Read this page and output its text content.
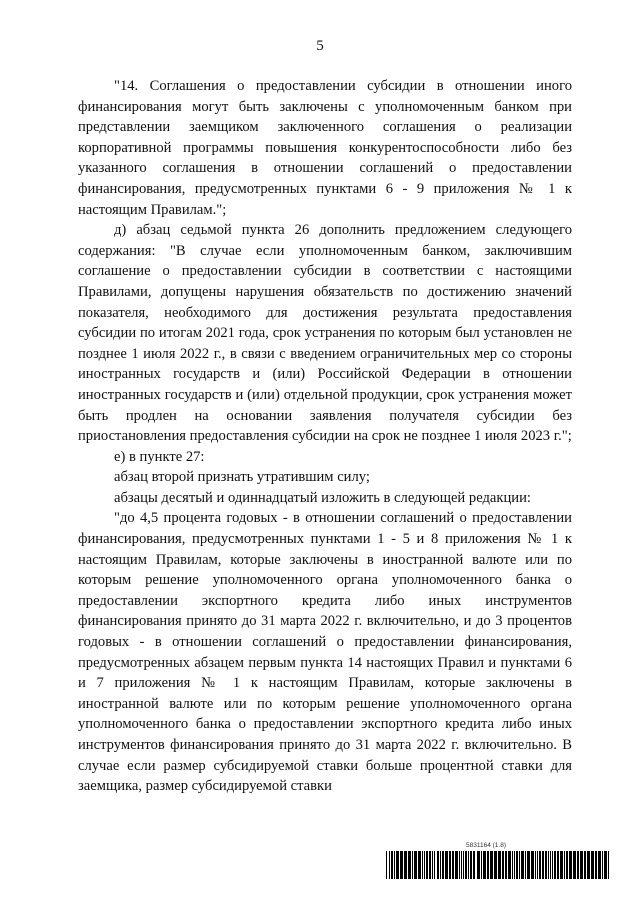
5

"14. Соглашения о предоставлении субсидии в отношении иного финансирования могут быть заключены с уполномоченным банком при представлении заемщиком заключенного соглашения о реализации корпоративной программы повышения конкурентоспособности либо без указанного соглашения в отношении соглашений о предоставлении финансирования, предусмотренных пунктами 6 - 9 приложения № 1 к настоящим Правилам.";

д) абзац седьмой пункта 26 дополнить предложением следующего содержания: "В случае если уполномоченным банком, заключившим соглашение о предоставлении субсидии в соответствии с настоящими Правилами, допущены нарушения обязательств по достижению значений показателя, необходимого для достижения результата предоставления субсидии по итогам 2021 года, срок устранения по которым был установлен не позднее 1 июля 2022 г., в связи с введением ограничительных мер со стороны иностранных государств и (или) Российской Федерации в отношении иностранных государств и (или) отдельной продукции, срок устранения может быть продлен на основании заявления получателя субсидии без приостановления предоставления субсидии на срок не позднее 1 июля 2023 г.";

е) в пункте 27:

абзац второй признать утратившим силу;

абзацы десятый и одиннадцатый изложить в следующей редакции:

"до 4,5 процента годовых - в отношении соглашений о предоставлении финансирования, предусмотренных пунктами 1 - 5 и 8 приложения № 1 к настоящим Правилам, которые заключены в иностранной валюте или по которым решение уполномоченного органа уполномоченного банка о предоставлении экспортного кредита либо иных инструментов финансирования принято до 31 марта 2022 г. включительно, и до 3 процентов годовых - в отношении соглашений о предоставлении финансирования, предусмотренных абзацем первым пункта 14 настоящих Правил и пунктами 6 и 7 приложения № 1 к настоящим Правилам, которые заключены в иностранной валюте или по которым решение уполномоченного органа уполномоченного банка о предоставлении экспортного кредита либо иных инструментов финансирования принято до 31 марта 2022 г. включительно. В случае если размер субсидируемой ставки больше процентной ставки для заемщика, размер субсидируемой ставки

5831164 (1.8)
